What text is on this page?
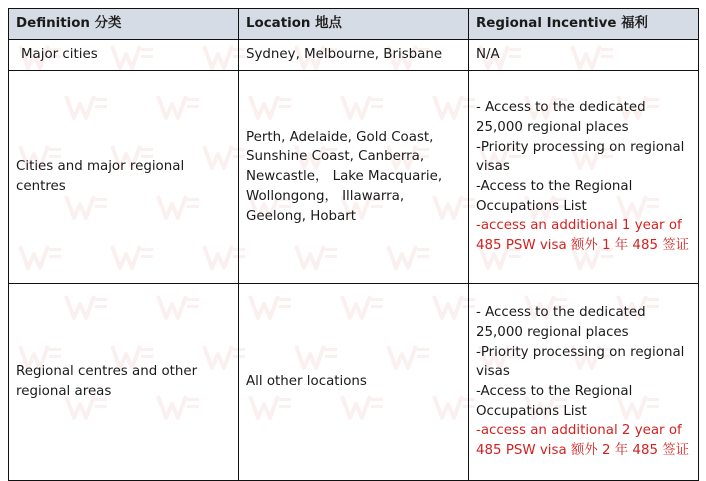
Definition 分类	Location 地点	Regional Incentive 福利
Major cities	Sydney, Melbourne, Brisbane	N/A

Cities and major regional centres	Perth, Adelaide, Gold Coast, Sunshine Coast, Canberra, Newcastle， Lake Macquarie, Wollongong， Illawarra, Geelong, Hobart	- Access to the dedicated 25,000 regional places
-Priority processing on regional visas
-Access to the Regional Occupations List
-access an additional 1 year of 485 PSW visa 额外 1 年 485 签证

Regional centres and other regional areas	All other locations	- Access to the dedicated 25,000 regional places
-Priority processing on regional visas
-Access to the Regional Occupations List
-access an additional 2 year of 485 PSW visa 额外 2 年 485 签证
